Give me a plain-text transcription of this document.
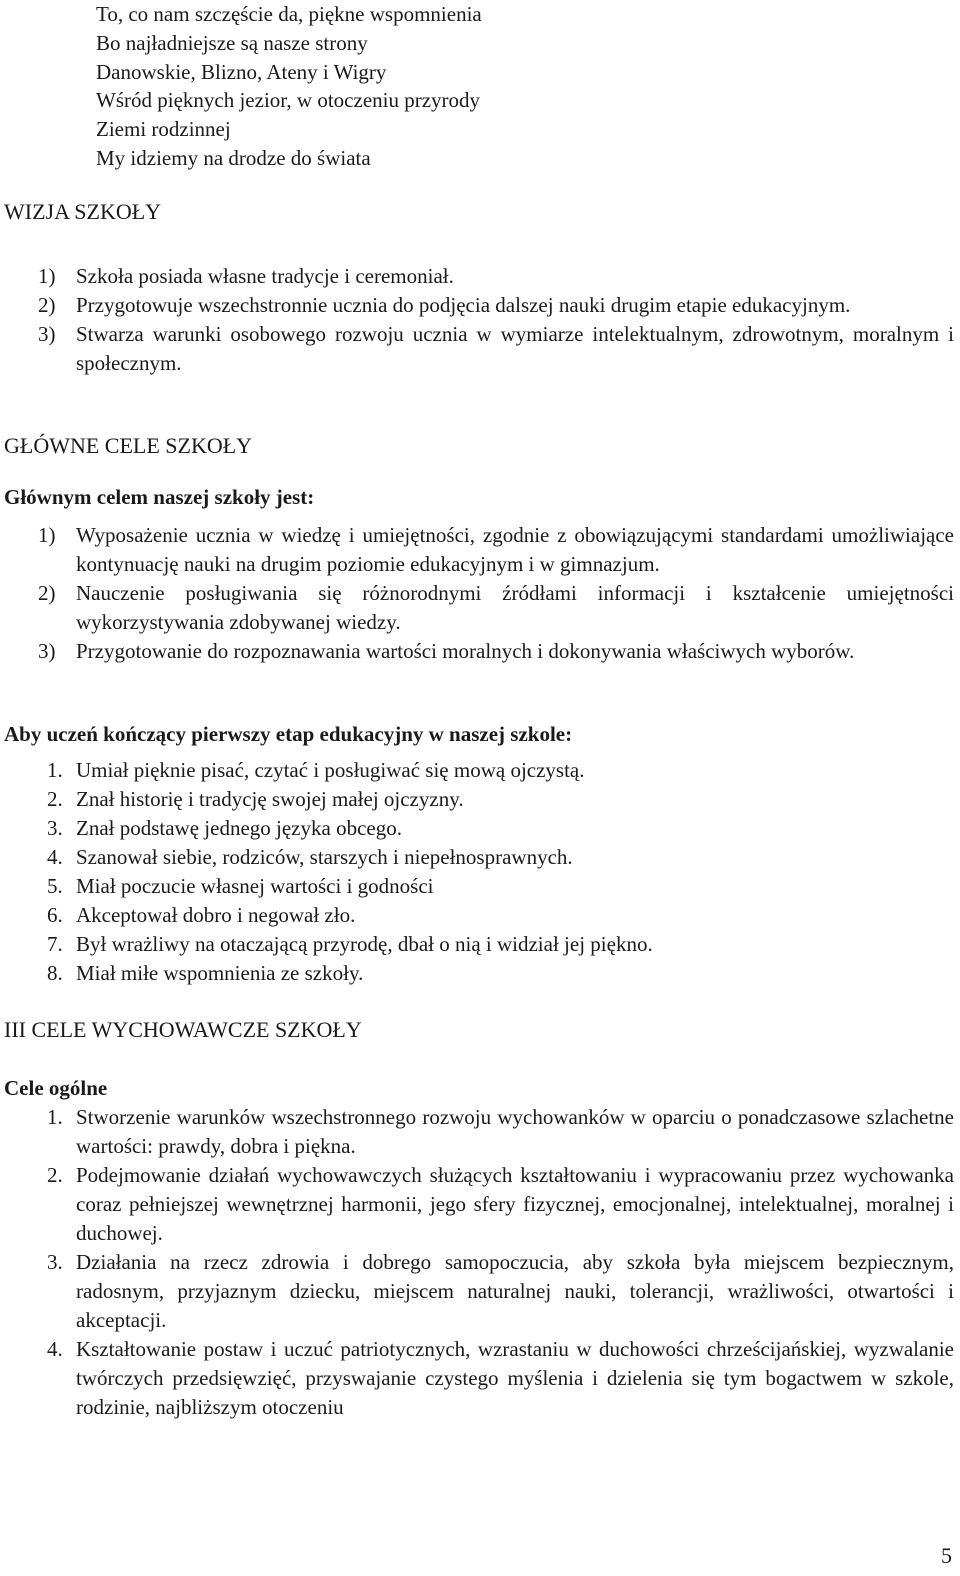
To, co nam szczęście da, piękne wspomnienia
Bo najładniejsze są nasze strony
Danowskie, Blizno, Ateny i Wigry
Wśród pięknych jezior, w otoczeniu przyrody
Ziemi rodzinnej
My idziemy na drodze do świata
WIZJA SZKOŁY
1) Szkoła posiada własne tradycje i ceremoniał.
2) Przygotowuje wszechstronnie ucznia do podjęcia dalszej nauki drugim etapie edukacyjnym.
3) Stwarza warunki osobowego rozwoju ucznia w wymiarze intelektualnym, zdrowotnym, moralnym i społecznym.
GŁÓWNE CELE SZKOŁY
Głównym celem naszej szkoły jest:
1) Wyposażenie ucznia w wiedzę i umiejętności, zgodnie z obowiązującymi standardami umożliwiające kontynuację nauki na drugim poziomie edukacyjnym i w gimnazjum.
2) Nauczenie posługiwania się różnorodnymi źródłami informacji i kształcenie umiejętności wykorzystywania zdobywanej wiedzy.
3) Przygotowanie do rozpoznawania wartości moralnych i dokonywania właściwych wyborów.
Aby uczeń kończący pierwszy etap edukacyjny w naszej szkole:
1. Umiał pięknie pisać, czytać i posługiwać się mową ojczystą.
2. Znał historię i tradycję swojej małej ojczyzny.
3. Znał podstawę jednego języka obcego.
4. Szanował siebie, rodziców, starszych i niepełnosprawnych.
5. Miał poczucie własnej wartości i godności
6. Akceptował dobro i negował zło.
7. Był wrażliwy na otaczającą przyrodę, dbał o nią i widział jej piękno.
8. Miał miłe wspomnienia ze szkoły.
III CELE WYCHOWAWCZE SZKOŁY
Cele ogólne
1. Stworzenie warunków wszechstronnego rozwoju wychowanków w oparciu o ponadczasowe szlachetne wartości: prawdy, dobra i piękna.
2. Podejmowanie działań wychowawczych służących kształtowaniu i wypracowaniu przez wychowanka coraz pełniejszej wewnętrznej harmonii, jego sfery fizycznej, emocjonalnej, intelektualnej, moralnej i duchowej.
3. Działania na rzecz zdrowia i dobrego samopoczucia, aby szkoła była miejscem bezpiecznym, radosnym, przyjaznym dziecku, miejscem naturalnej nauki, tolerancji, wrażliwości, otwartości i akceptacji.
4. Kształtowanie postaw i uczuć patriotycznych, wzrastaniu w duchowości chrześcijańskiej, wyzwalanie twórczych przedsięwzięć, przyswajanie czystego myślenia i dzielenia się tym bogactwem w szkole, rodzinie, najbliższym otoczeniu
5
